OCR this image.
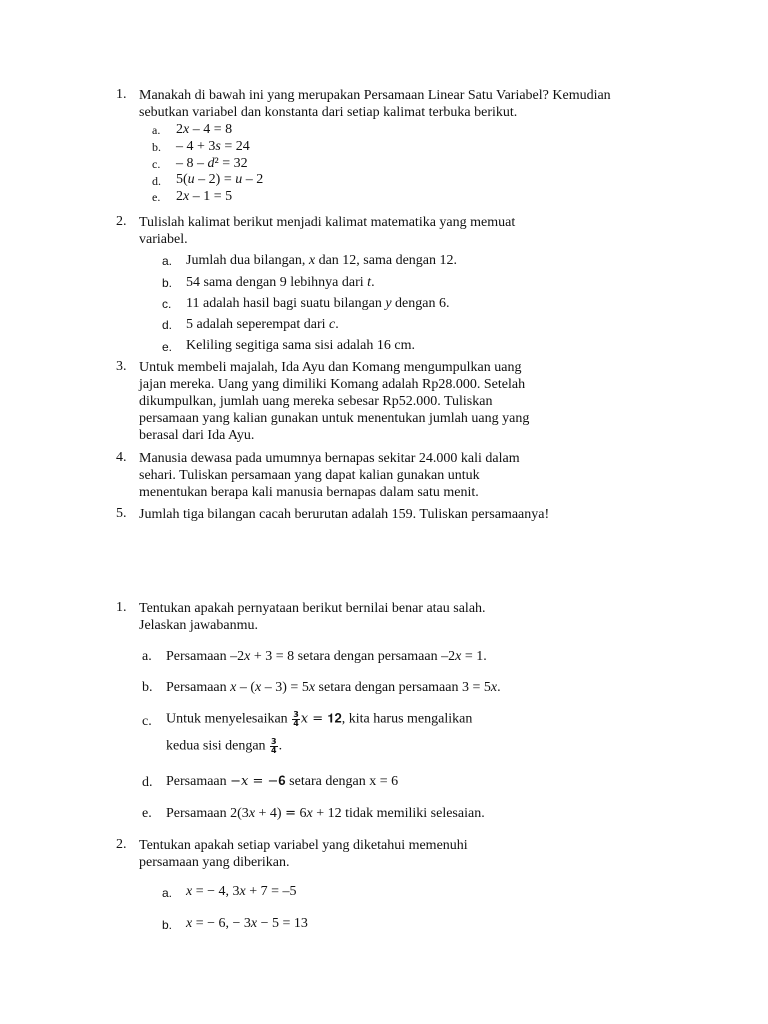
1. Manakah di bawah ini yang merupakan Persamaan Linear Satu Variabel? Kemudian
sebutkan variabel dan konstanta dari setiap kalimat terbuka berikut.
a. 2x – 4 = 8
b. – 4 + 3s = 24
c. – 8 – d² = 32
d. 5(u – 2) = u – 2
e. 2x – 1 = 5
2. Tulislah kalimat berikut menjadi kalimat matematika yang memuat
variabel.
a. Jumlah dua bilangan, x dan 12, sama dengan 12.
b. 54 sama dengan 9 lebihnya dari t.
c. 11 adalah hasil bagi suatu bilangan y dengan 6.
d. 5 adalah seperempat dari c.
e. Keliling segitiga sama sisi adalah 16 cm.
3. Untuk membeli majalah, Ida Ayu dan Komang mengumpulkan uang
jajan mereka. Uang yang dimiliki Komang adalah Rp28.000. Setelah
dikumpulkan, jumlah uang mereka sebesar Rp52.000. Tuliskan
persamaan yang kalian gunakan untuk menentukan jumlah uang yang
berasal dari Ida Ayu.
4. Manusia dewasa pada umumnya bernapas sekitar 24.000 kali dalam
sehari. Tuliskan persamaan yang dapat kalian gunakan untuk
menentukan berapa kali manusia bernapas dalam satu menit.
5. Jumlah tiga bilangan cacah berurutan adalah 159. Tuliskan persamaanya!
1. Tentukan apakah pernyataan berikut bernilai benar atau salah.
Jelaskan jawabanmu.
a. Persamaan –2x + 3 = 8 setara dengan persamaan –2x = 1.
b. Persamaan x – (x – 3) = 5x setara dengan persamaan 3 = 5x.
c. Untuk menyelesaikan $\frac{3}{4}$ 𝑥 = 𝟏𝟐, kita harus mengalikan
kedua sisi dengan $\frac{3}{4}$ .
d. Persamaan −𝑥 = −𝟔 setara dengan x = 6
e. Persamaan 2(3x + 4) = 6x + 12 tidak memiliki selesaian.
2. Tentukan apakah setiap variabel yang diketahui memenuhi
persamaan yang diberikan.
a. x = − 4, 3x + 7 = –5
b. x = − 6, − 3x − 5 = 13
